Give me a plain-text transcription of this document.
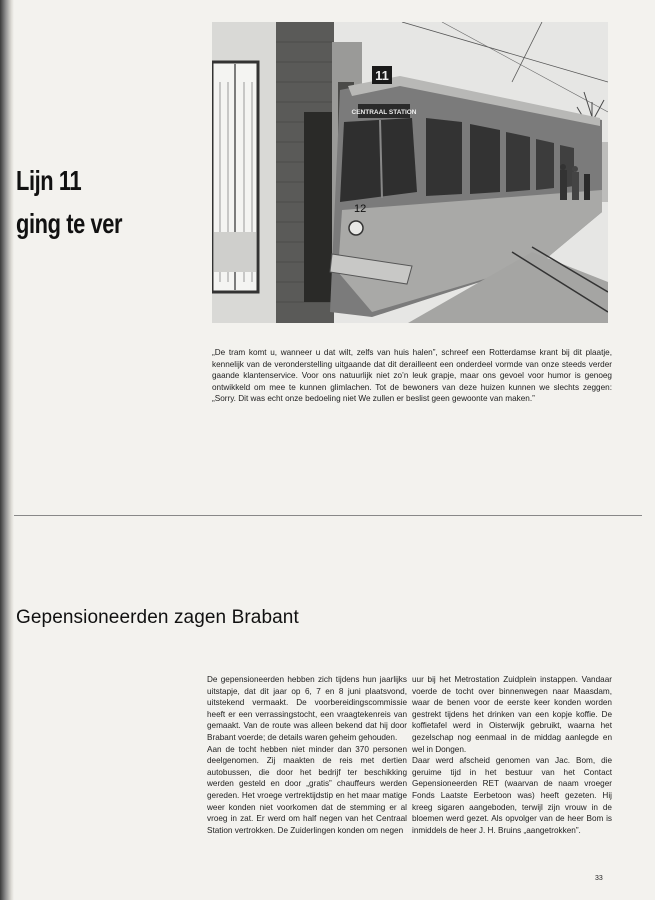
Lijn 11
ging te ver
11
CENTRAAL STATION
12
„De tram komt u, wanneer u dat wilt, zelfs van huis halen”, schreef een Rotterdamse krant bij dit plaatje, kennelijk van de veronderstelling uitgaande dat dit derailleent een onderdeel vormde van onze steeds verder gaande klantenservice. Voor ons natuurlijk niet zo’n leuk grapje, maar ons gevoel voor humor is genoeg ontwikkeld om mee te kunnen glimlachen. Tot de bewoners van deze huizen kunnen we slechts zeggen: „Sorry. Dit was echt onze bedoeling niet We zullen er beslist geen gewoonte van maken.”
Gepensioneerden zagen Brabant

De gepensioneerden hebben zich tijdens hun jaarlijks uitstapje, dat dit jaar op 6, 7 en 8 juni plaatsvond, uitstekend vermaakt. De voorbereidingscommissie heeft er een verrassingstocht, een vraagtekenreis van gemaakt. Van de route was alleen bekend dat hij door Brabant voerde; de details waren geheim gehouden.

Aan de tocht hebben niet minder dan 370 personen deelgenomen. Zij maakten de reis met dertien autobussen, die door het bedrijf ter beschikking werden gesteld en door „gratis” chauffeurs werden gereden. Het vroege vertrektijdstip en het maar matige weer konden niet voorkomen dat de stemming er al vroeg in zat. Er werd om half negen van het Centraal Station vertrokken. De Zuiderlingen konden om negen

uur bij het Metrostation Zuidplein instappen. Vandaar voerde de tocht over binnenwegen naar Maasdam, waar de benen voor de eerste keer konden worden gestrekt tijdens het drinken van een kopje koffie. De koffietafel werd in Oisterwijk gebruikt, waarna het gezelschap nog eenmaal in de middag aanlegde en wel in Dongen.

Daar werd afscheid genomen van Jac. Bom, die geruime tijd in het bestuur van het Contact Gepensioneerden RET (waarvan de naam vroeger Fonds Laatste Eerbetoon was) heeft gezeten. Hij kreeg sigaren aangeboden, terwijl zijn vrouw in de bloemen werd gezet. Als opvolger van de heer Bom is inmiddels de heer J. H. Bruins „aangetrokken”.

33
